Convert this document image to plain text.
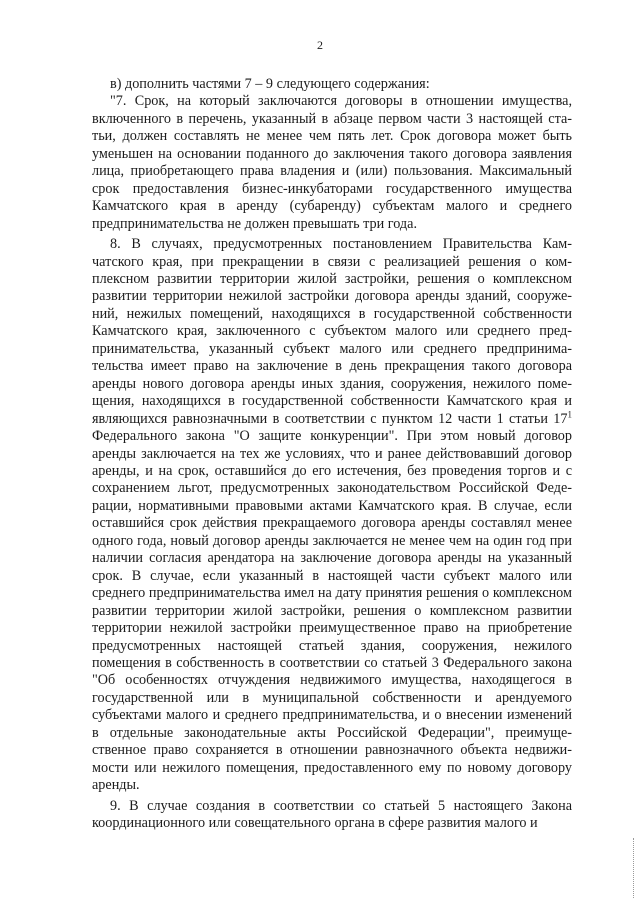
2

в) дополнить частями 7 – 9 следующего содержания:

"7. Срок, на который заключаются договоры в отношении имущества, включенного в перечень, указанный в абзаце первом части 3 настоящей статьи, должен составлять не менее чем пять лет. Срок договора может быть уменьшен на основании поданного до заключения такого договора заявления лица, приобретающего права владения и (или) пользования. Максимальный срок предоставления бизнес-инкубаторами государственного имущества Камчатского края в аренду (субаренду) субъектам малого и среднего предпринимательства не должен превышать три года.

8. В случаях, предусмотренных постановлением Правительства Камчатского края, при прекращении в связи с реализацией решения о комплексном развитии территории жилой застройки, решения о комплексном развитии территории нежилой застройки договора аренды зданий, сооружений, нежилых помещений, находящихся в государственной собственности Камчатского края, заключенного с субъектом малого или среднего предпринимательства, указанный субъект малого или среднего предпринимательства имеет право на заключение в день прекращения такого договора аренды нового договора аренды иных здания, сооружения, нежилого помещения, находящихся в государственной собственности Камчатского края и являющихся равнозначными в соответствии с пунктом 12 части 1 статьи $17^1$ Федерального закона "О защите конкуренции". При этом новый договор аренды заключается на тех же условиях, что и ранее действовавший договор аренды, и на срок, оставшийся до его истечения, без проведения торгов и с сохранением льгот, предусмотренных законодательством Российской Федерации, нормативными правовыми актами Камчатского края. В случае, если оставшийся срок действия прекращаемого договора аренды составлял менее одного года, новый договор аренды заключается не менее чем на один год при наличии согласия арендатора на заключение договора аренды на указанный срок. В случае, если указанный в настоящей части субъект малого или среднего предпринимательства имел на дату принятия решения о комплексном развитии территории жилой застройки, решения о комплексном развитии территории нежилой застройки преимущественное право на приобретение предусмотренных настоящей статьей здания, сооружения, нежилого помещения в собственность в соответствии со статьей 3 Федерального закона "Об особенностях отчуждения недвижимого имущества, находящегося в государственной или в муниципальной собственности и арендуемого субъектами малого и среднего предпринимательства, и о внесении изменений в отдельные законодательные акты Российской Федерации", преимущественное право сохраняется в отношении равнозначного объекта недвижимости или нежилого помещения, предоставленного ему по новому договору аренды.

9. В случае создания в соответствии со статьей 5 настоящего Закона координационного или совещательного органа в сфере развития малого и
